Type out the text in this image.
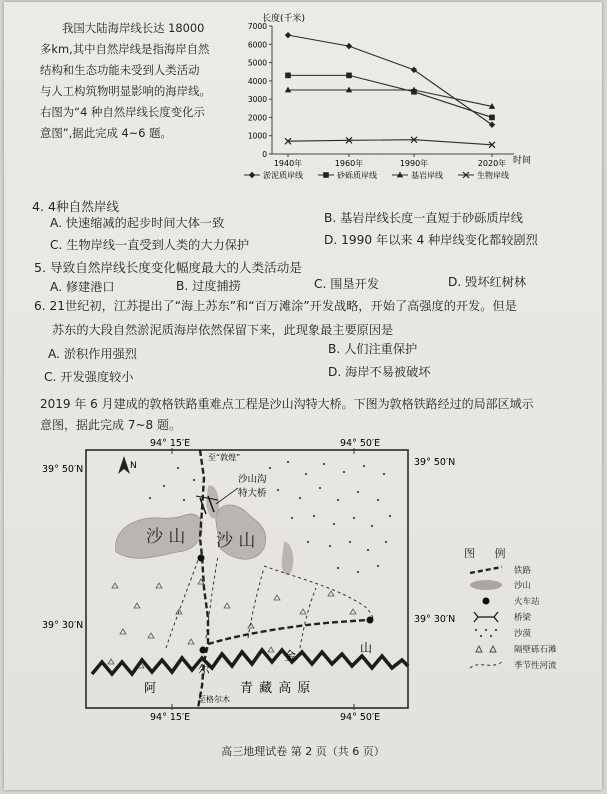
我国大陆海岸线长达 18000
多km,其中自然岸线是指海岸自然
结构和生态功能未受到人类活动
与人工构筑物明显影响的海岸线。
右图为“4 种自然岸线长度变化示
意图”,据此完成 4~6 题。
长度(千米)
时间
0
1000
2000
3000
4000
5000
6000
7000
1940年	1960年	1990年	2020年
淤泥质岸线	砂砾质岸线	基岩岸线	生物岸线
4. 4种自然岸线
A. 快速缩减的起步时间大体一致	B. 基岩岸线长度一直短于砂砾质岸线
C. 生物岸线一直受到人类的大力保护	D. 1990 年以来 4 种岸线变化都较剧烈
5. 导致自然岸线长度变化幅度最大的人类活动是
A. 修建港口	B. 过度捕捞	C. 围垦开发	D. 毁坏红树林
6. 21世纪初，江苏提出了“海上苏东”和“百万滩涂”开发战略，开始了高强度的开发。但是
苏东的大段自然淤泥质海岸依然保留下来，此现象最主要原因是
A. 淤积作用强烈	B. 人们注重保护
C. 开发强度较小	D. 海岸不易被破坏
2019 年 6 月建成的敦格铁路重难点工程是沙山沟特大桥。下图为敦格铁路经过的局部区域示
意图，据此完成 7~8 题。
94° 15′E	94° 50′E
39° 50′N
39° 50′N
39° 30′N
39° 30′N
94° 15′E	94° 50′E
N
沙 山 沙 山
沙山沟
特大桥
至“敦煌”
阿
尔
金
山
青 藏 高 原
至格尔木
图 例
铁路
沙山
火车站
桥梁
沙漠
隔壁砾石滩
季节性河流
高三地理试卷 第 2 页（共 6 页）
